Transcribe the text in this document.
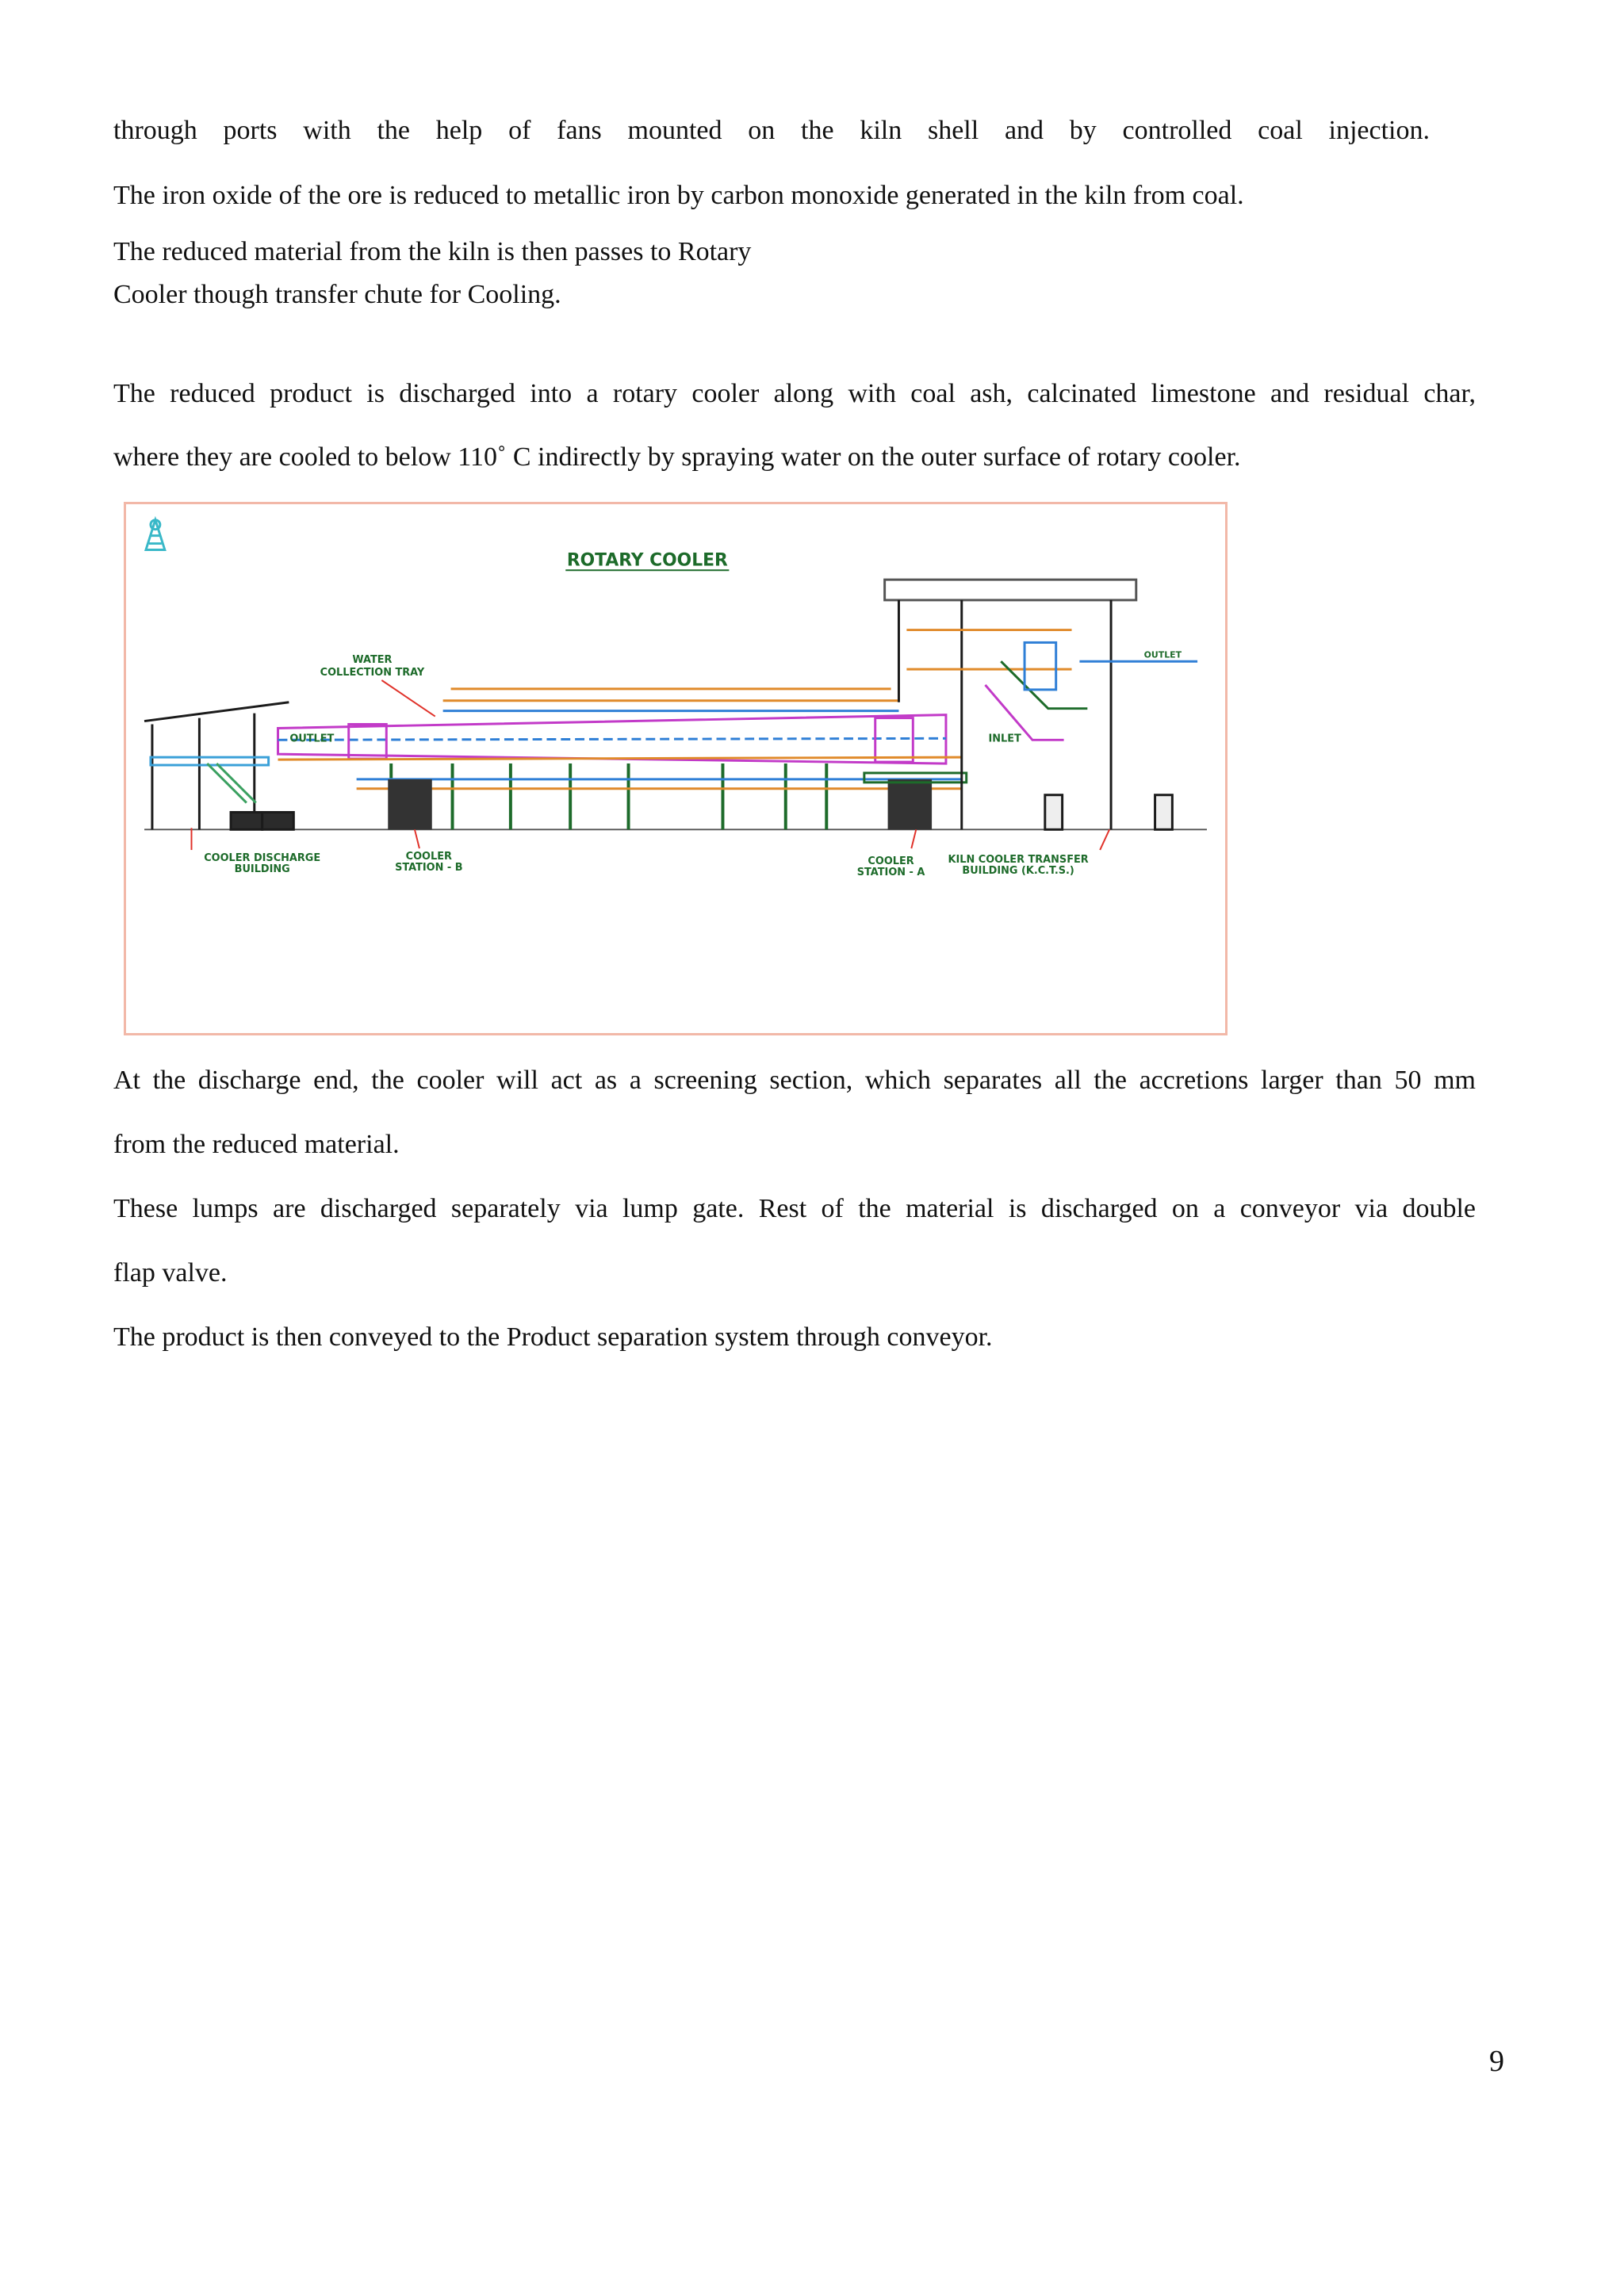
through ports with the help of fans mounted on the kiln shell and by controlled coal injection.

The iron oxide of the ore is reduced to metallic iron by carbon monoxide generated in the kiln from coal.

The reduced material from the kiln is then passes to Rotary

Cooler though transfer chute for Cooling.

The reduced product is discharged into a rotary cooler along with coal ash, calcinated limestone and residual char,

where they are cooled to below 110˚ C indirectly by spraying water on the outer surface of rotary cooler.

ROTARY COOLER
WATER
COLLECTION TRAY
OUTLET	INLET
OUTLET
COOLER DISCHARGE
BUILDING
COOLER
STATION - B
COOLER
STATION - A
KILN COOLER TRANSFER
BUILDING (K.C.T.S.)

At the discharge end, the cooler will act as a screening section, which separates all the accretions larger than 50 mm

from the reduced material.

These lumps are discharged separately via lump gate. Rest of the material is discharged on a conveyor via double

flap valve.

The product is then conveyed to the Product separation system through conveyor.

9
